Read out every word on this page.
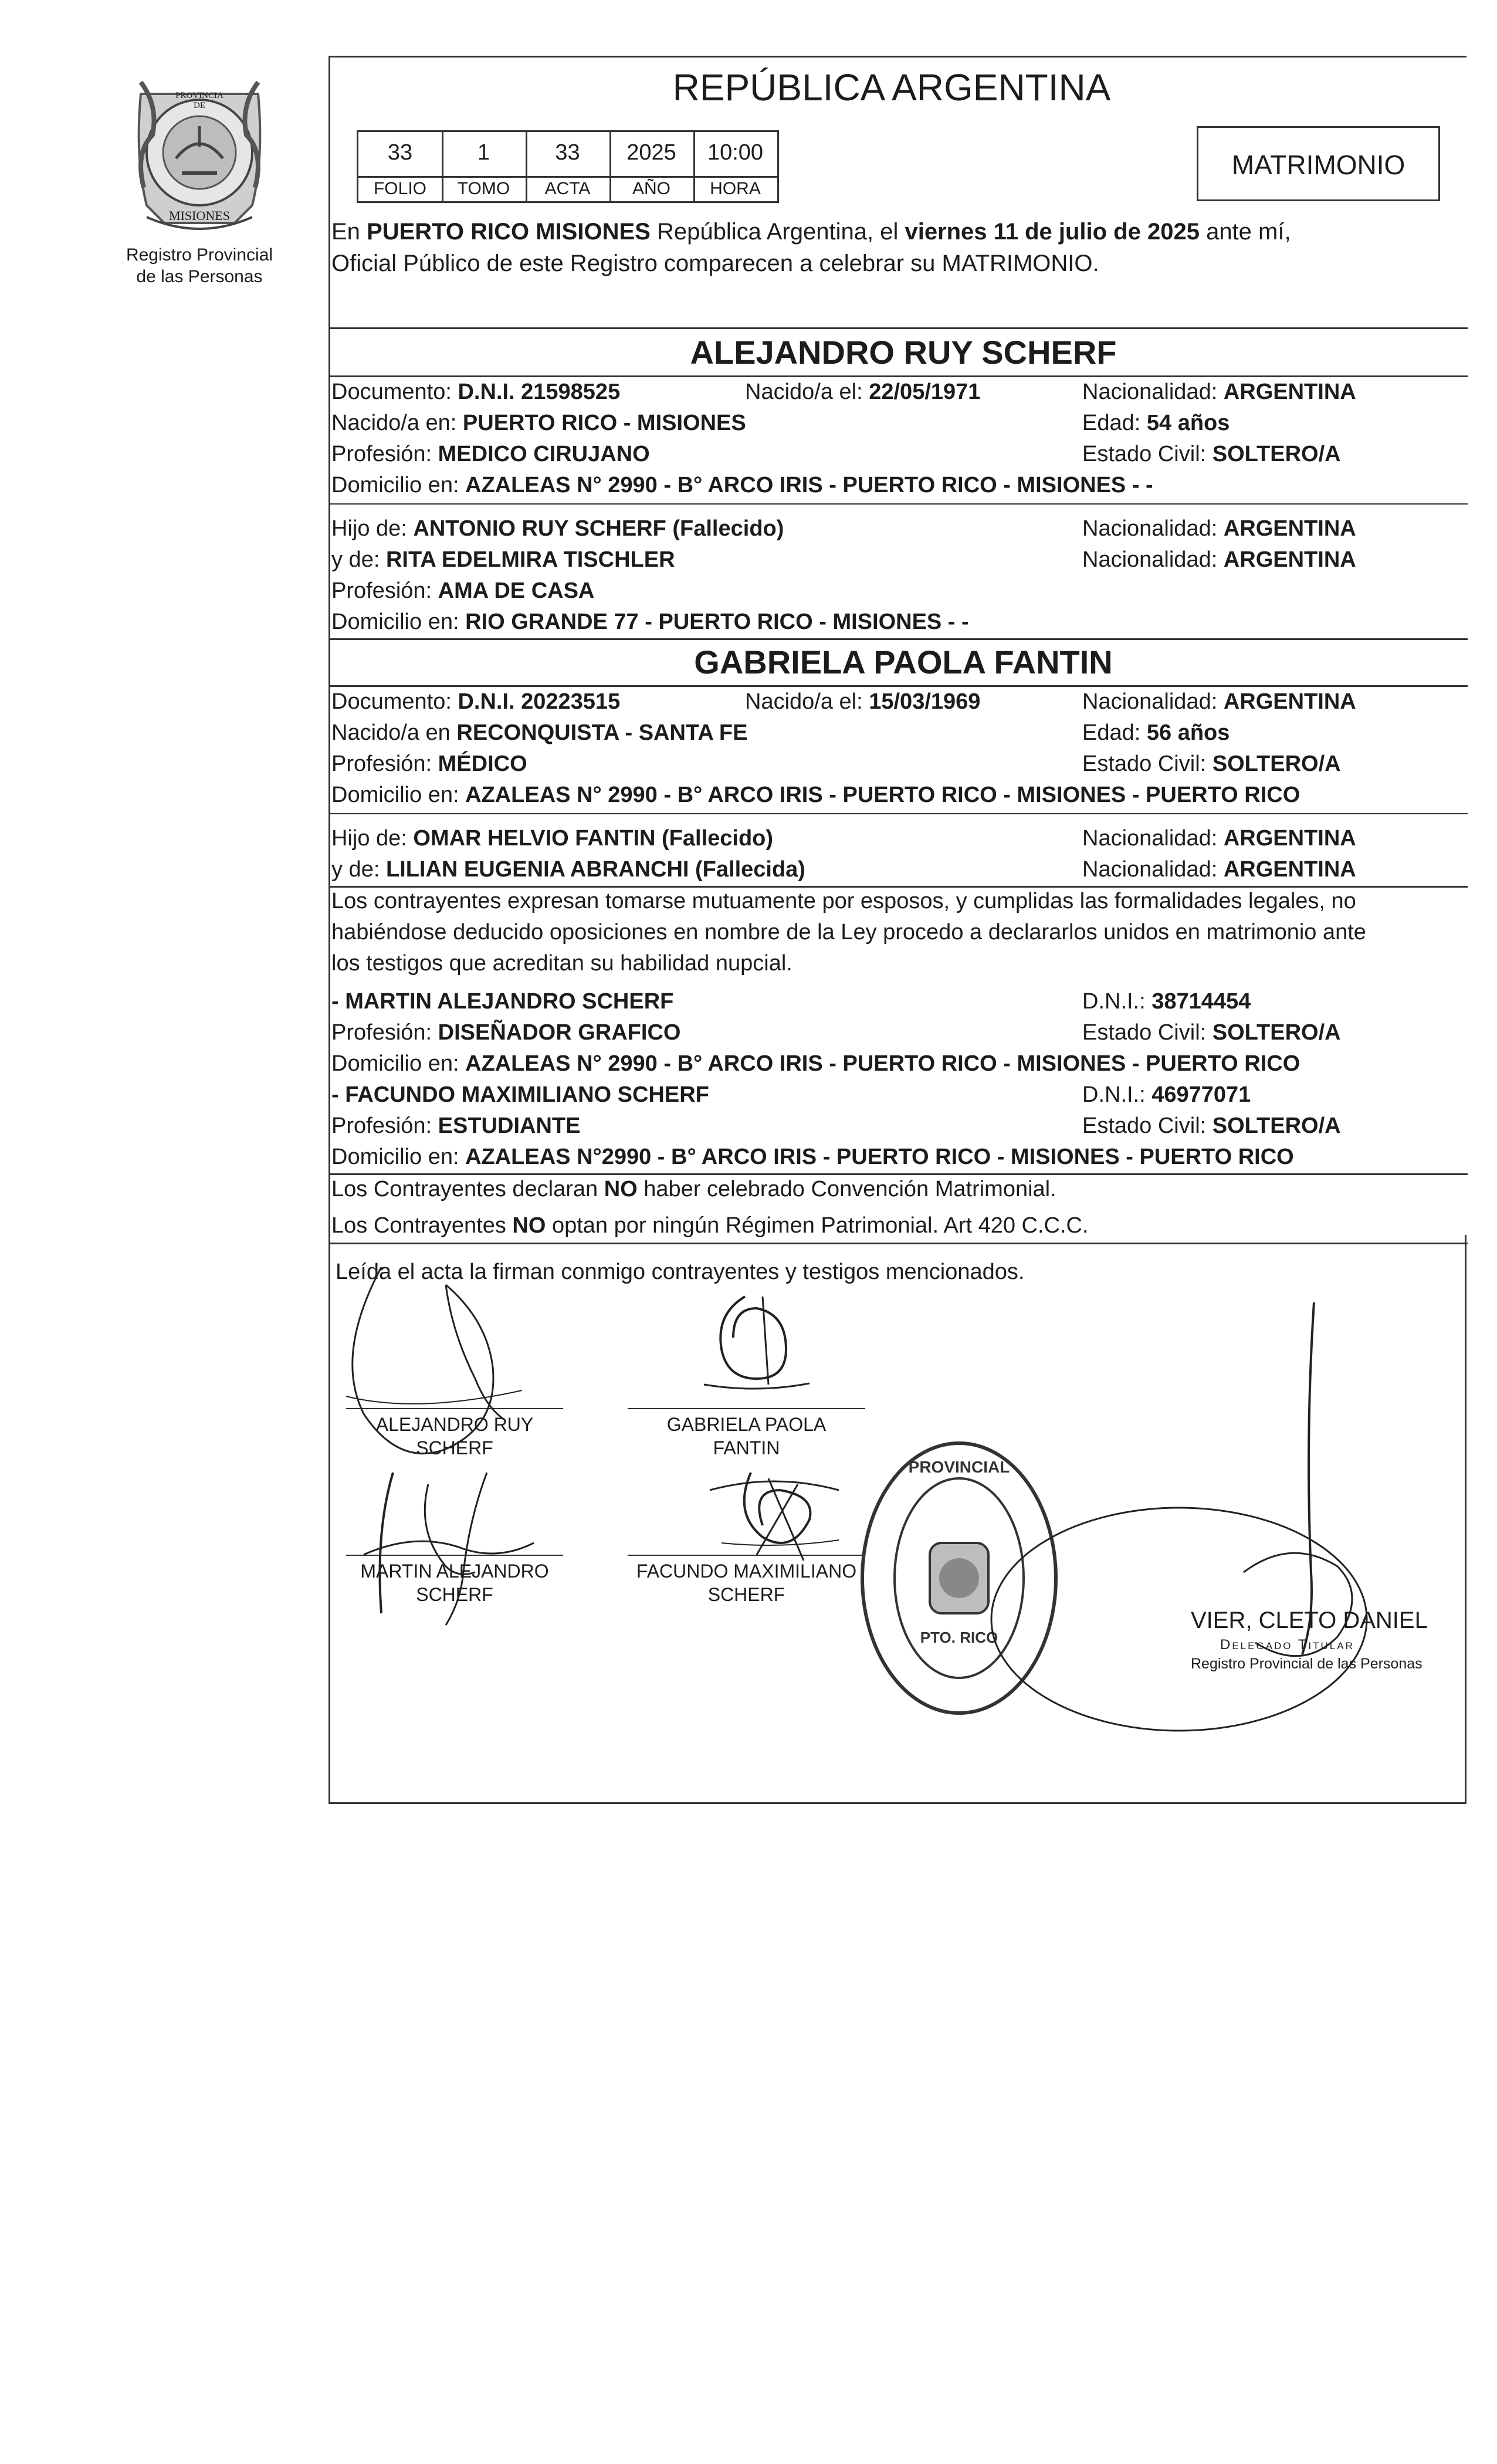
PROVINCIA DE
MISIONES
Registro Provincial
de las Personas
REPÚBLICA ARGENTINA
33	1	33	2025	10:00
FOLIO	TOMO	ACTA	AÑO	HORA
MATRIMONIO
En PUERTO RICO MISIONES República Argentina, el viernes 11 de julio de 2025 ante mí,
Oficial Público de este Registro comparecen a celebrar su MATRIMONIO.
ALEJANDRO RUY SCHERF
Documento: D.N.I. 21598525	Nacido/a el: 22/05/1971	Nacionalidad: ARGENTINA
Nacido/a en: PUERTO RICO - MISIONES	Edad: 54 años
Profesión: MEDICO CIRUJANO	Estado Civil: SOLTERO/A
Domicilio en: AZALEAS N° 2990 - B° ARCO IRIS - PUERTO RICO - MISIONES - -
Hijo de: ANTONIO RUY SCHERF (Fallecido)	Nacionalidad: ARGENTINA
y de: RITA EDELMIRA TISCHLER	Nacionalidad: ARGENTINA
Profesión: AMA DE CASA
Domicilio en: RIO GRANDE 77 - PUERTO RICO - MISIONES - -
GABRIELA PAOLA FANTIN
Documento: D.N.I. 20223515	Nacido/a el: 15/03/1969	Nacionalidad: ARGENTINA
Nacido/a en RECONQUISTA - SANTA FE	Edad: 56 años
Profesión: MÉDICO	Estado Civil: SOLTERO/A
Domicilio en: AZALEAS N° 2990 - B° ARCO IRIS - PUERTO RICO - MISIONES - PUERTO RICO
Hijo de: OMAR HELVIO FANTIN (Fallecido)	Nacionalidad: ARGENTINA
y de: LILIAN EUGENIA ABRANCHI (Fallecida)	Nacionalidad: ARGENTINA
Los contrayentes expresan tomarse mutuamente por esposos, y cumplidas las formalidades legales, no
habiéndose deducido oposiciones en nombre de la Ley procedo a declararlos unidos en matrimonio ante
los testigos que acreditan su habilidad nupcial.
- MARTIN ALEJANDRO SCHERF	D.N.I.: 38714454
Profesión: DISEÑADOR GRAFICO	Estado Civil: SOLTERO/A
Domicilio en: AZALEAS N° 2990 - B° ARCO IRIS - PUERTO RICO - MISIONES - PUERTO RICO
- FACUNDO MAXIMILIANO SCHERF	D.N.I.: 46977071
Profesión: ESTUDIANTE	Estado Civil: SOLTERO/A
Domicilio en: AZALEAS N°2990 - B° ARCO IRIS - PUERTO RICO - MISIONES - PUERTO RICO
Los Contrayentes declaran NO haber celebrado Convención Matrimonial.
Los Contrayentes NO optan por ningún Régimen Patrimonial. Art 420 C.C.C.
Leída el acta la firman conmigo contrayentes y testigos mencionados.
ALEJANDRO RUY
SCHERF
GABRIELA PAOLA
FANTIN
MARTIN ALEJANDRO
SCHERF
FACUNDO MAXIMILIANO
SCHERF
PROVINCIAL
PTO. RICO
VIER, CLETO DANIEL
Delegado Titular
Registro Provincial de las Personas
